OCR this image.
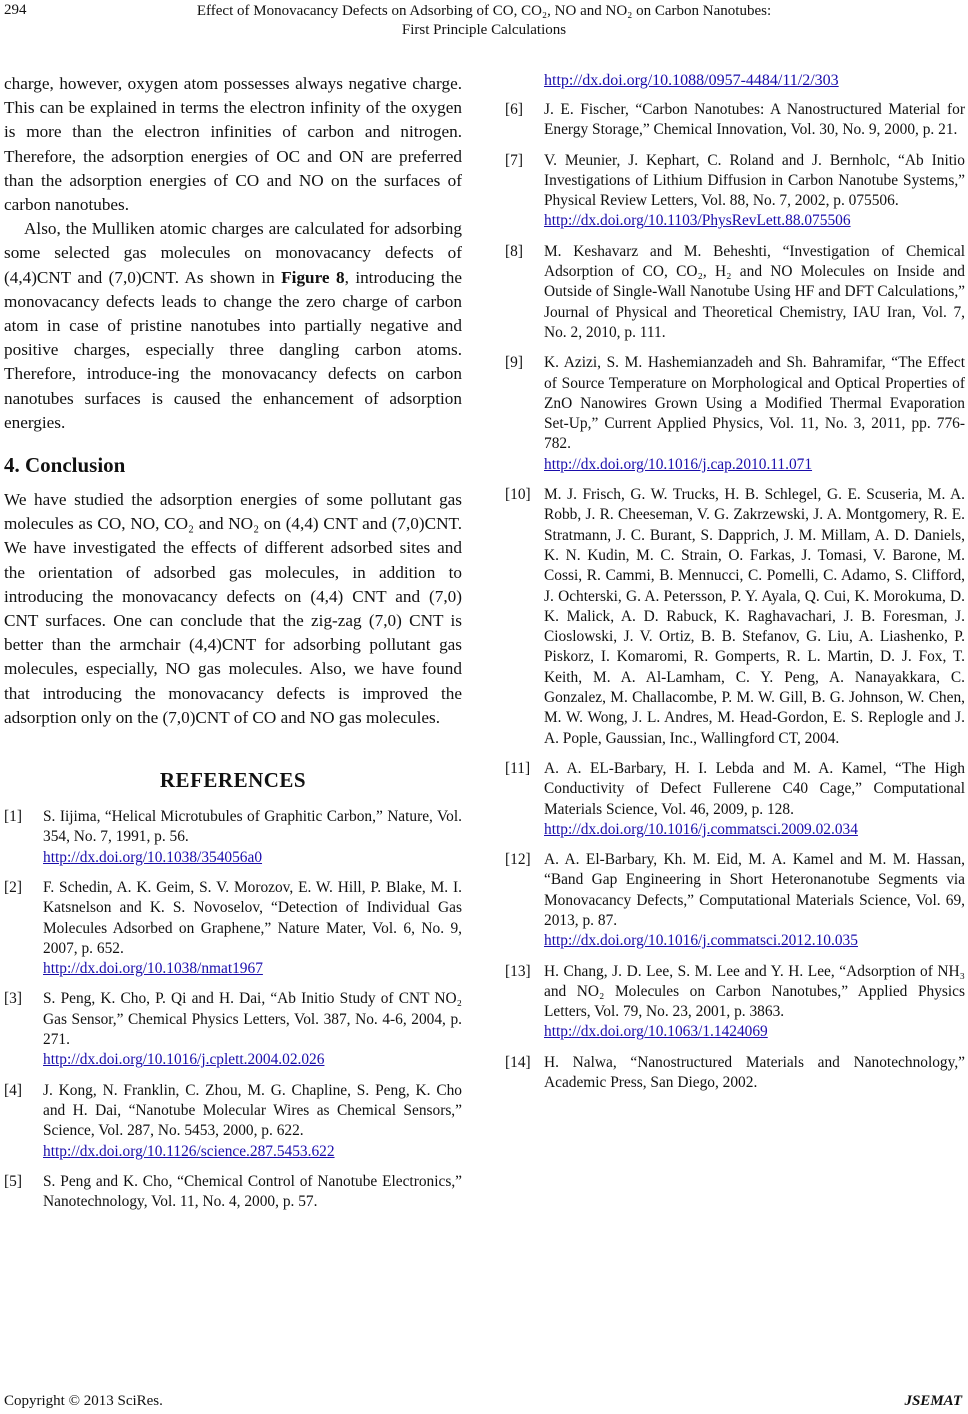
294	Effect of Monovacancy Defects on Adsorbing of CO, CO₂, NO and NO₂ on Carbon Nanotubes:
First Principle Calculations

charge, however, oxygen atom possesses always negative charge. This can be explained in terms the electron infinity of the oxygen is more than the electron infinities of carbon and nitrogen. Therefore, the adsorption energies of OC and ON are preferred than the adsorption energies of CO and NO on the surfaces of carbon nanotubes.

Also, the Mulliken atomic charges are calculated for adsorbing some selected gas molecules on monovacancy defects of (4,4)CNT and (7,0)CNT. As shown in Figure 8, introducing the monovacancy defects leads to change the zero charge of carbon atom in case of pristine nanotubes into partially negative and positive charges, especially three dangling carbon atoms. Therefore, introduce-ing the monovacancy defects on carbon nanotubes surfaces is caused the enhancement of adsorption energies.

4. Conclusion

We have studied the adsorption energies of some pollutant gas molecules as CO, NO, CO₂ and NO₂ on (4,4) CNT and (7,0)CNT. We have investigated the effects of different adsorbed sites and the orientation of adsorbed gas molecules, in addition to introducing the monovacancy defects on (4,4) CNT and (7,0) CNT surfaces. One can conclude that the zig-zag (7,0) CNT is better than the armchair (4,4)CNT for adsorbing pollutant gas molecules, especially, NO gas molecules. Also, we have found that introducing the monovacancy defects is improved the adsorption only on the (7,0)CNT of CO and NO gas molecules.

REFERENCES
[1]	S. Iijima, “Helical Microtubules of Graphitic Carbon,” Nature, Vol. 354, No. 7, 1991, p. 56.
http://dx.doi.org/10.1038/354056a0
[2]	F. Schedin, A. K. Geim, S. V. Morozov, E. W. Hill, P. Blake, M. I. Katsnelson and K. S. Novoselov, “Detection of Individual Gas Molecules Adsorbed on Graphene,” Nature Mater, Vol. 6, No. 9, 2007, p. 652.
http://dx.doi.org/10.1038/nmat1967
[3]	S. Peng, K. Cho, P. Qi and H. Dai, “Ab Initio Study of CNT NO₂ Gas Sensor,” Chemical Physics Letters, Vol. 387, No. 4-6, 2004, p. 271.
http://dx.doi.org/10.1016/j.cplett.2004.02.026
[4]	J. Kong, N. Franklin, C. Zhou, M. G. Chapline, S. Peng, K. Cho and H. Dai, “Nanotube Molecular Wires as Chemical Sensors,” Science, Vol. 287, No. 5453, 2000, p. 622.
http://dx.doi.org/10.1126/science.287.5453.622
[5]	S. Peng and K. Cho, “Chemical Control of Nanotube Electronics,” Nanotechnology, Vol. 11, No. 4, 2000, p. 57.
http://dx.doi.org/10.1088/0957-4484/11/2/303
[6]	J. E. Fischer, “Carbon Nanotubes: A Nanostructured Material for Energy Storage,” Chemical Innovation, Vol. 30, No. 9, 2000, p. 21.
[7]	V. Meunier, J. Kephart, C. Roland and J. Bernholc, “Ab Initio Investigations of Lithium Diffusion in Carbon Nanotube Systems,” Physical Review Letters, Vol. 88, No. 7, 2002, p. 075506.
http://dx.doi.org/10.1103/PhysRevLett.88.075506
[8]	M. Keshavarz and M. Beheshti, “Investigation of Chemical Adsorption of CO, CO₂, H₂ and NO Molecules on Inside and Outside of Single-Wall Nanotube Using HF and DFT Calculations,” Journal of Physical and Theoretical Chemistry, IAU Iran, Vol. 7, No. 2, 2010, p. 111.
[9]	K. Azizi, S. M. Hashemianzadeh and Sh. Bahramifar, “The Effect of Source Temperature on Morphological and Optical Properties of ZnO Nanowires Grown Using a Modified Thermal Evaporation Set-Up,” Current Applied Physics, Vol. 11, No. 3, 2011, pp. 776-782.
http://dx.doi.org/10.1016/j.cap.2010.11.071
[10] M. J. Frisch, G. W. Trucks, H. B. Schlegel, G. E. Scuseria, M. A. Robb, J. R. Cheeseman, V. G. Zakrzewski, J. A. Montgomery, R. E. Stratmann, J. C. Burant, S. Dapprich, J. M. Millam, A. D. Daniels, K. N. Kudin, M. C. Strain, O. Farkas, J. Tomasi, V. Barone, M. Cossi, R. Cammi, B. Mennucci, C. Pomelli, C. Adamo, S. Clifford, J. Ochterski, G. A. Petersson, P. Y. Ayala, Q. Cui, K. Morokuma, D. K. Malick, A. D. Rabuck, K. Raghavachari, J. B. Foresman, J. Cioslowski, J. V. Ortiz, B. B. Stefanov, G. Liu, A. Liashenko, P. Piskorz, I. Komaromi, R. Gomperts, R. L. Martin, D. J. Fox, T. Keith, M. A. Al-Lamham, C. Y. Peng, A. Nanayakkara, C. Gonzalez, M. Challacombe, P. M. W. Gill, B. G. Johnson, W. Chen, M. W. Wong, J. L. Andres, M. Head-Gordon, E. S. Replogle and J. A. Pople, Gaussian, Inc., Wallingford CT, 2004.
[11] A. A. EL-Barbary, H. I. Lebda and M. A. Kamel, “The High Conductivity of Defect Fullerene C40 Cage,” Computational Materials Science, Vol. 46, 2009, p. 128.
http://dx.doi.org/10.1016/j.commatsci.2009.02.034
[12] A. A. El-Barbary, Kh. M. Eid, M. A. Kamel and M. M. Hassan, “Band Gap Engineering in Short Heteronanotube Segments via Monovacancy Defects,” Computational Materials Science, Vol. 69, 2013, p. 87.
http://dx.doi.org/10.1016/j.commatsci.2012.10.035
[13] H. Chang, J. D. Lee, S. M. Lee and Y. H. Lee, “Adsorption of NH₃ and NO₂ Molecules on Carbon Nanotubes,” Applied Physics Letters, Vol. 79, No. 23, 2001, p. 3863.
http://dx.doi.org/10.1063/1.1424069
[14] H. Nalwa, “Nanostructured Materials and Nanotechnology,” Academic Press, San Diego, 2002.
Copyright © 2013 SciRes.	JSEMAT
